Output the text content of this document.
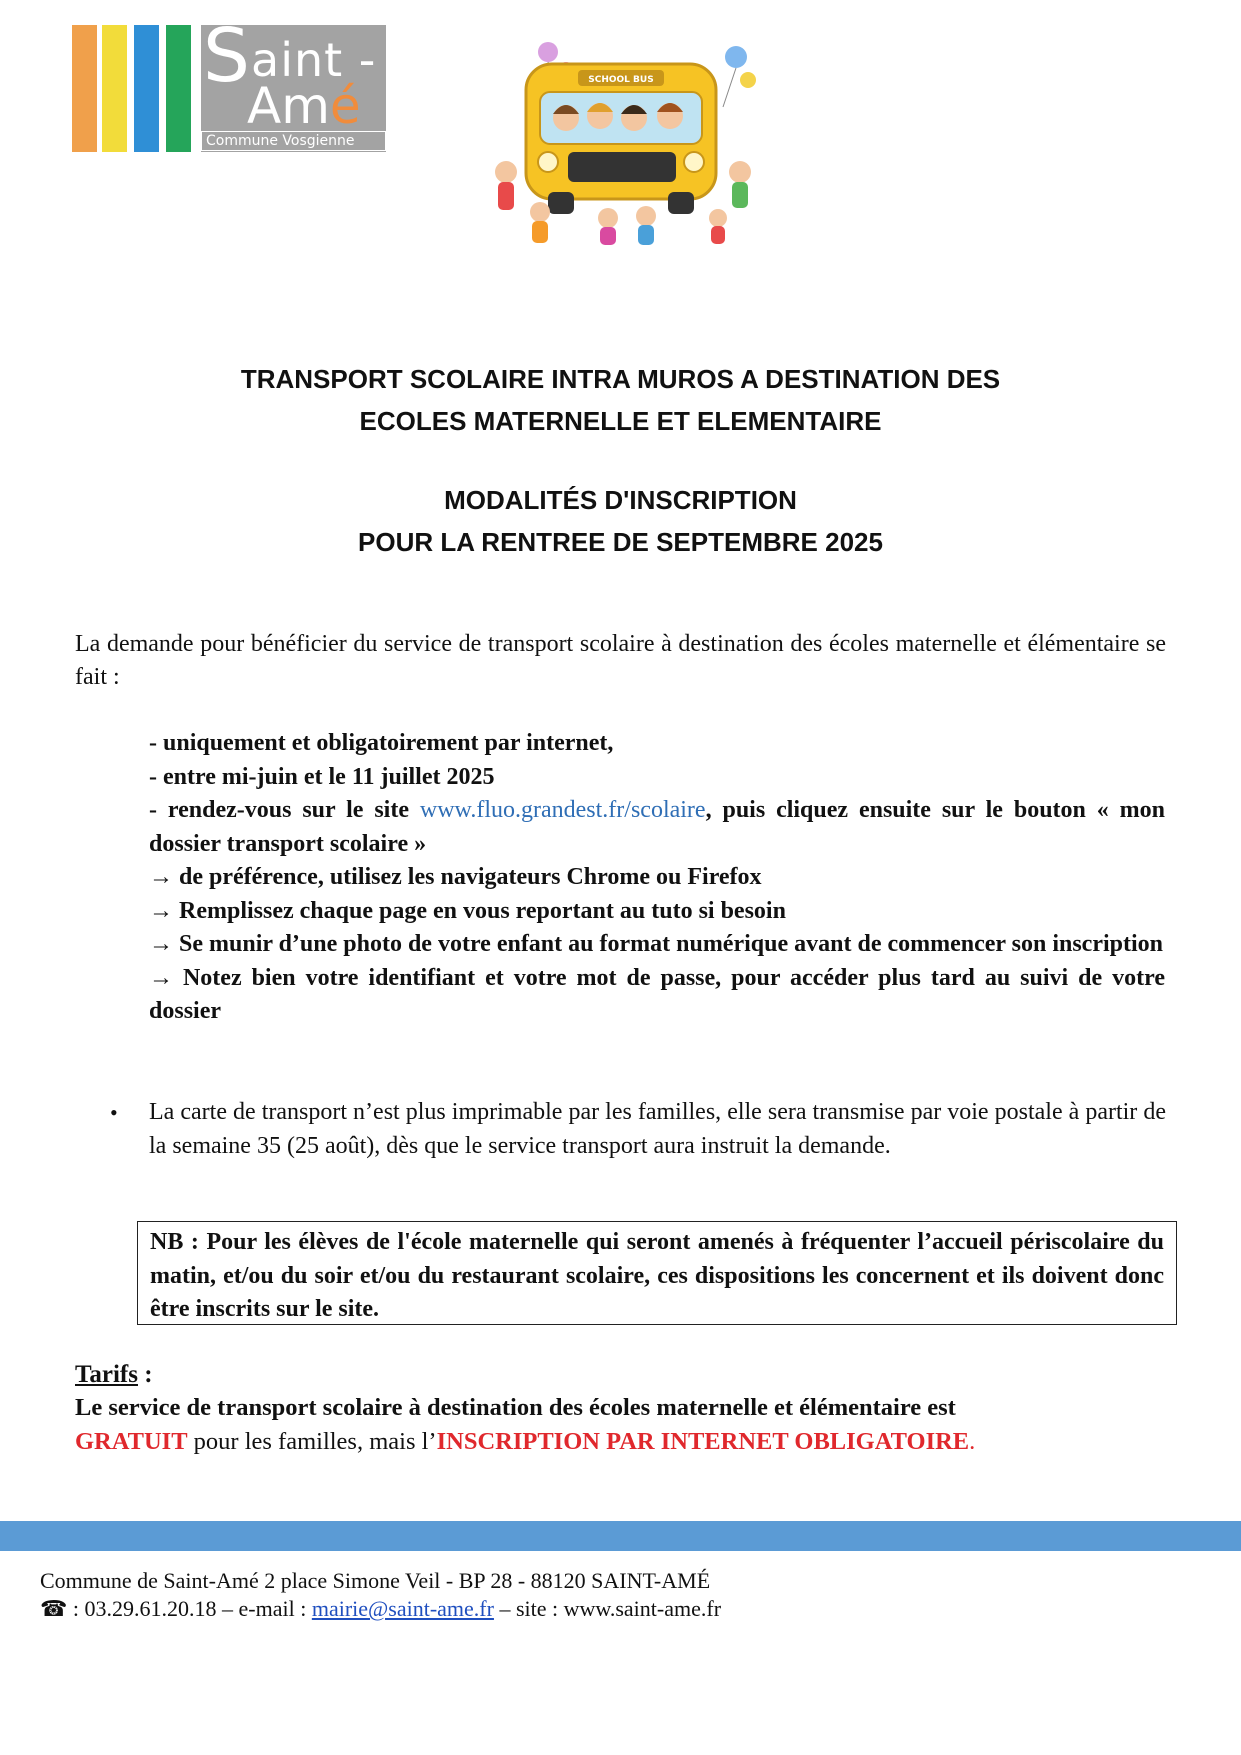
S aint -
Amé
Commune Vosgienne
SCHOOL BUS
TRANSPORT SCOLAIRE INTRA MUROS A DESTINATION DES
ECOLES MATERNELLE ET ELEMENTAIRE
MODALITÉS D'INSCRIPTION
POUR LA RENTREE DE SEPTEMBRE 2025

La demande pour bénéficier du service de transport scolaire à destination des écoles maternelle et élémentaire se fait :

- uniquement et obligatoirement par internet,
- entre mi-juin et le 11 juillet 2025
- rendez-vous sur le site www.fluo.grandest.fr/scolaire, puis cliquez ensuite sur le bouton « mon dossier transport scolaire »
→ de préférence, utilisez les navigateurs Chrome ou Firefox
→ Remplissez chaque page en vous reportant au tuto si besoin
→ Se munir d’une photo de votre enfant au format numérique avant de commencer son inscription
→ Notez bien votre identifiant et votre mot de passe, pour accéder plus tard au suivi de votre dossier
• La carte de transport n’est plus imprimable par les familles, elle sera transmise par voie postale à partir de la semaine 35 (25 août), dès que le service transport aura instruit la demande.

NB : Pour les élèves de l'école maternelle qui seront amenés à fréquenter l’accueil périscolaire du matin, et/ou du soir et/ou du restaurant scolaire, ces dispositions les concernent et ils doivent donc être inscrits sur le site.
Tarifs :

Le service de transport scolaire à destination des écoles maternelle et élémentaire est
GRATUIT pour les familles, mais l’INSCRIPTION PAR INTERNET OBLIGATOIRE.

Commune de Saint-Amé 2 place Simone Veil - BP 28 - 88120 SAINT-AMÉ
☎ : 03.29.61.20.18 – e-mail : mairie@saint-ame.fr – site : www.saint-ame.fr
